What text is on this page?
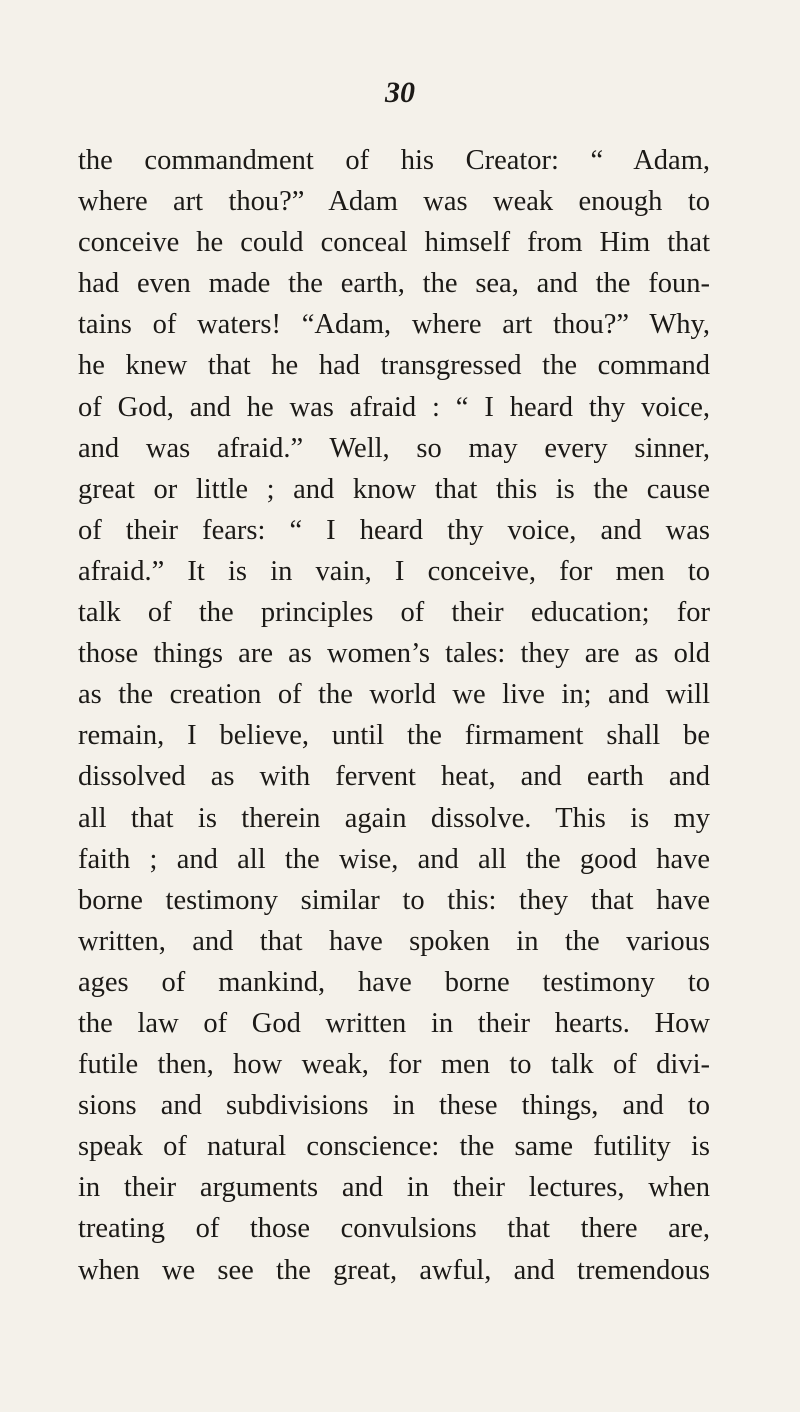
30
the commandment of his Creator: “ Adam,
where art thou?” Adam was weak enough to
conceive he could conceal himself from Him that
had even made the earth, the sea, and the foun-
tains of waters! “Adam, where art thou?” Why,
he knew that he had transgressed the command
of God, and he was afraid : “ I heard thy voice,
and was afraid.” Well, so may every sinner,
great or little ; and know that this is the cause
of their fears: “ I heard thy voice, and was
afraid.” It is in vain, I conceive, for men to
talk of the principles of their education; for
those things are as women’s tales: they are as old
as the creation of the world we live in; and will
remain, I believe, until the firmament shall be
dissolved as with fervent heat, and earth and
all that is therein again dissolve. This is my
faith ; and all the wise, and all the good have
borne testimony similar to this: they that have
written, and that have spoken in the various
ages of mankind, have borne testimony to
the law of God written in their hearts. How
futile then, how weak, for men to talk of divi-
sions and subdivisions in these things, and to
speak of natural conscience: the same futility is
in their arguments and in their lectures, when
treating of those convulsions that there are,
when we see the great, awful, and tremendous
